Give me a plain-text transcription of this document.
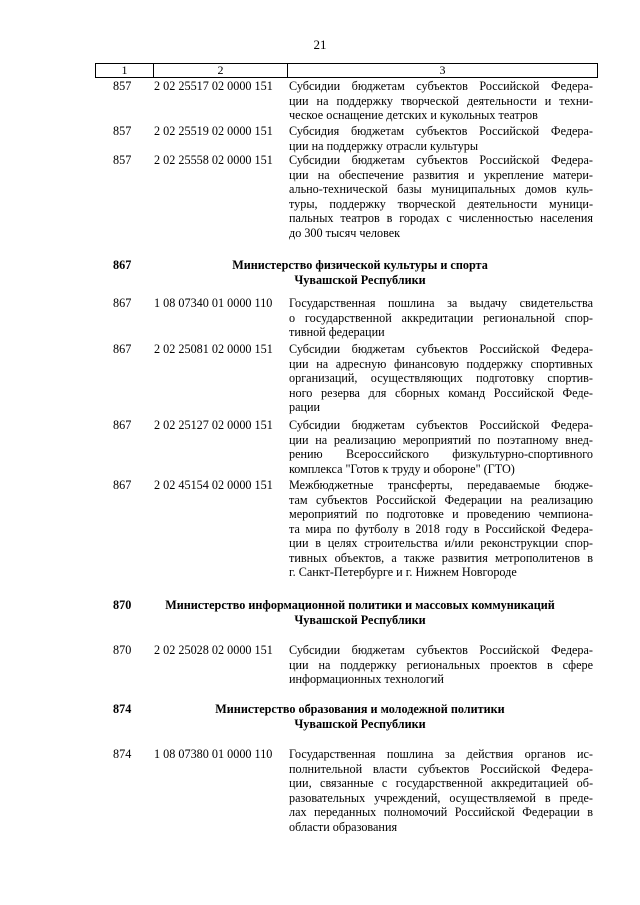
21
1	2	3
857 2 02 25517 02 0000 151	Субсидии бюджетам субъектов Российской Федера-
ции на поддержку творческой деятельности и техни-
ческое оснащение детских и кукольных театров
857 2 02 25519 02 0000 151	Субсидия бюджетам субъектов Российской Федера-
ции на поддержку отрасли культуры
857 2 02 25558 02 0000 151	Субсидии бюджетам субъектов Российской Федера-
ции на обеспечение развития и укрепление матери-
ально-технической базы муниципальных домов куль-
туры, поддержку творческой деятельности муници-
пальных театров в городах с численностью населения
до 300 тысяч человек
867	Министерство физической культуры и спорта
Чувашской Республики
867 1 08 07340 01 0000 110	Государственная пошлина за выдачу свидетельства
о государственной аккредитации региональной спор-
тивной федерации
867 2 02 25081 02 0000 151	Субсидии бюджетам субъектов Российской Федера-
ции на адресную финансовую поддержку спортивных
организаций, осуществляющих подготовку спортив-
ного резерва для сборных команд Российской Феде-
рации
867 2 02 25127 02 0000 151	Субсидии бюджетам субъектов Российской Федера-
ции на реализацию мероприятий по поэтапному внед-
рению Всероссийского физкультурно-спортивного
комплекса "Готов к труду и обороне" (ГТО)
867 2 02 45154 02 0000 151	Межбюджетные трансферты, передаваемые бюдже-
там субъектов Российской Федерации на реализацию
мероприятий по подготовке и проведению чемпиона-
та мира по футболу в 2018 году в Российской Федера-
ции в целях строительства и/или реконструкции спор-
тивных объектов, а также развития метрополитенов в
г. Санкт-Петербурге и г. Нижнем Новгороде
870	Министерство информационной политики и массовых коммуникаций
Чувашской Республики
870 2 02 25028 02 0000 151	Субсидии бюджетам субъектов Российской Федера-
ции на поддержку региональных проектов в сфере
информационных технологий
874	Министерство образования и молодежной политики
Чувашской Республики
874 1 08 07380 01 0000 110	Государственная пошлина за действия органов ис-
полнительной власти субъектов Российской Федера-
ции, связанные с государственной аккредитацией об-
разовательных учреждений, осуществляемой в преде-
лах переданных полномочий Российской Федерации в
области образования
